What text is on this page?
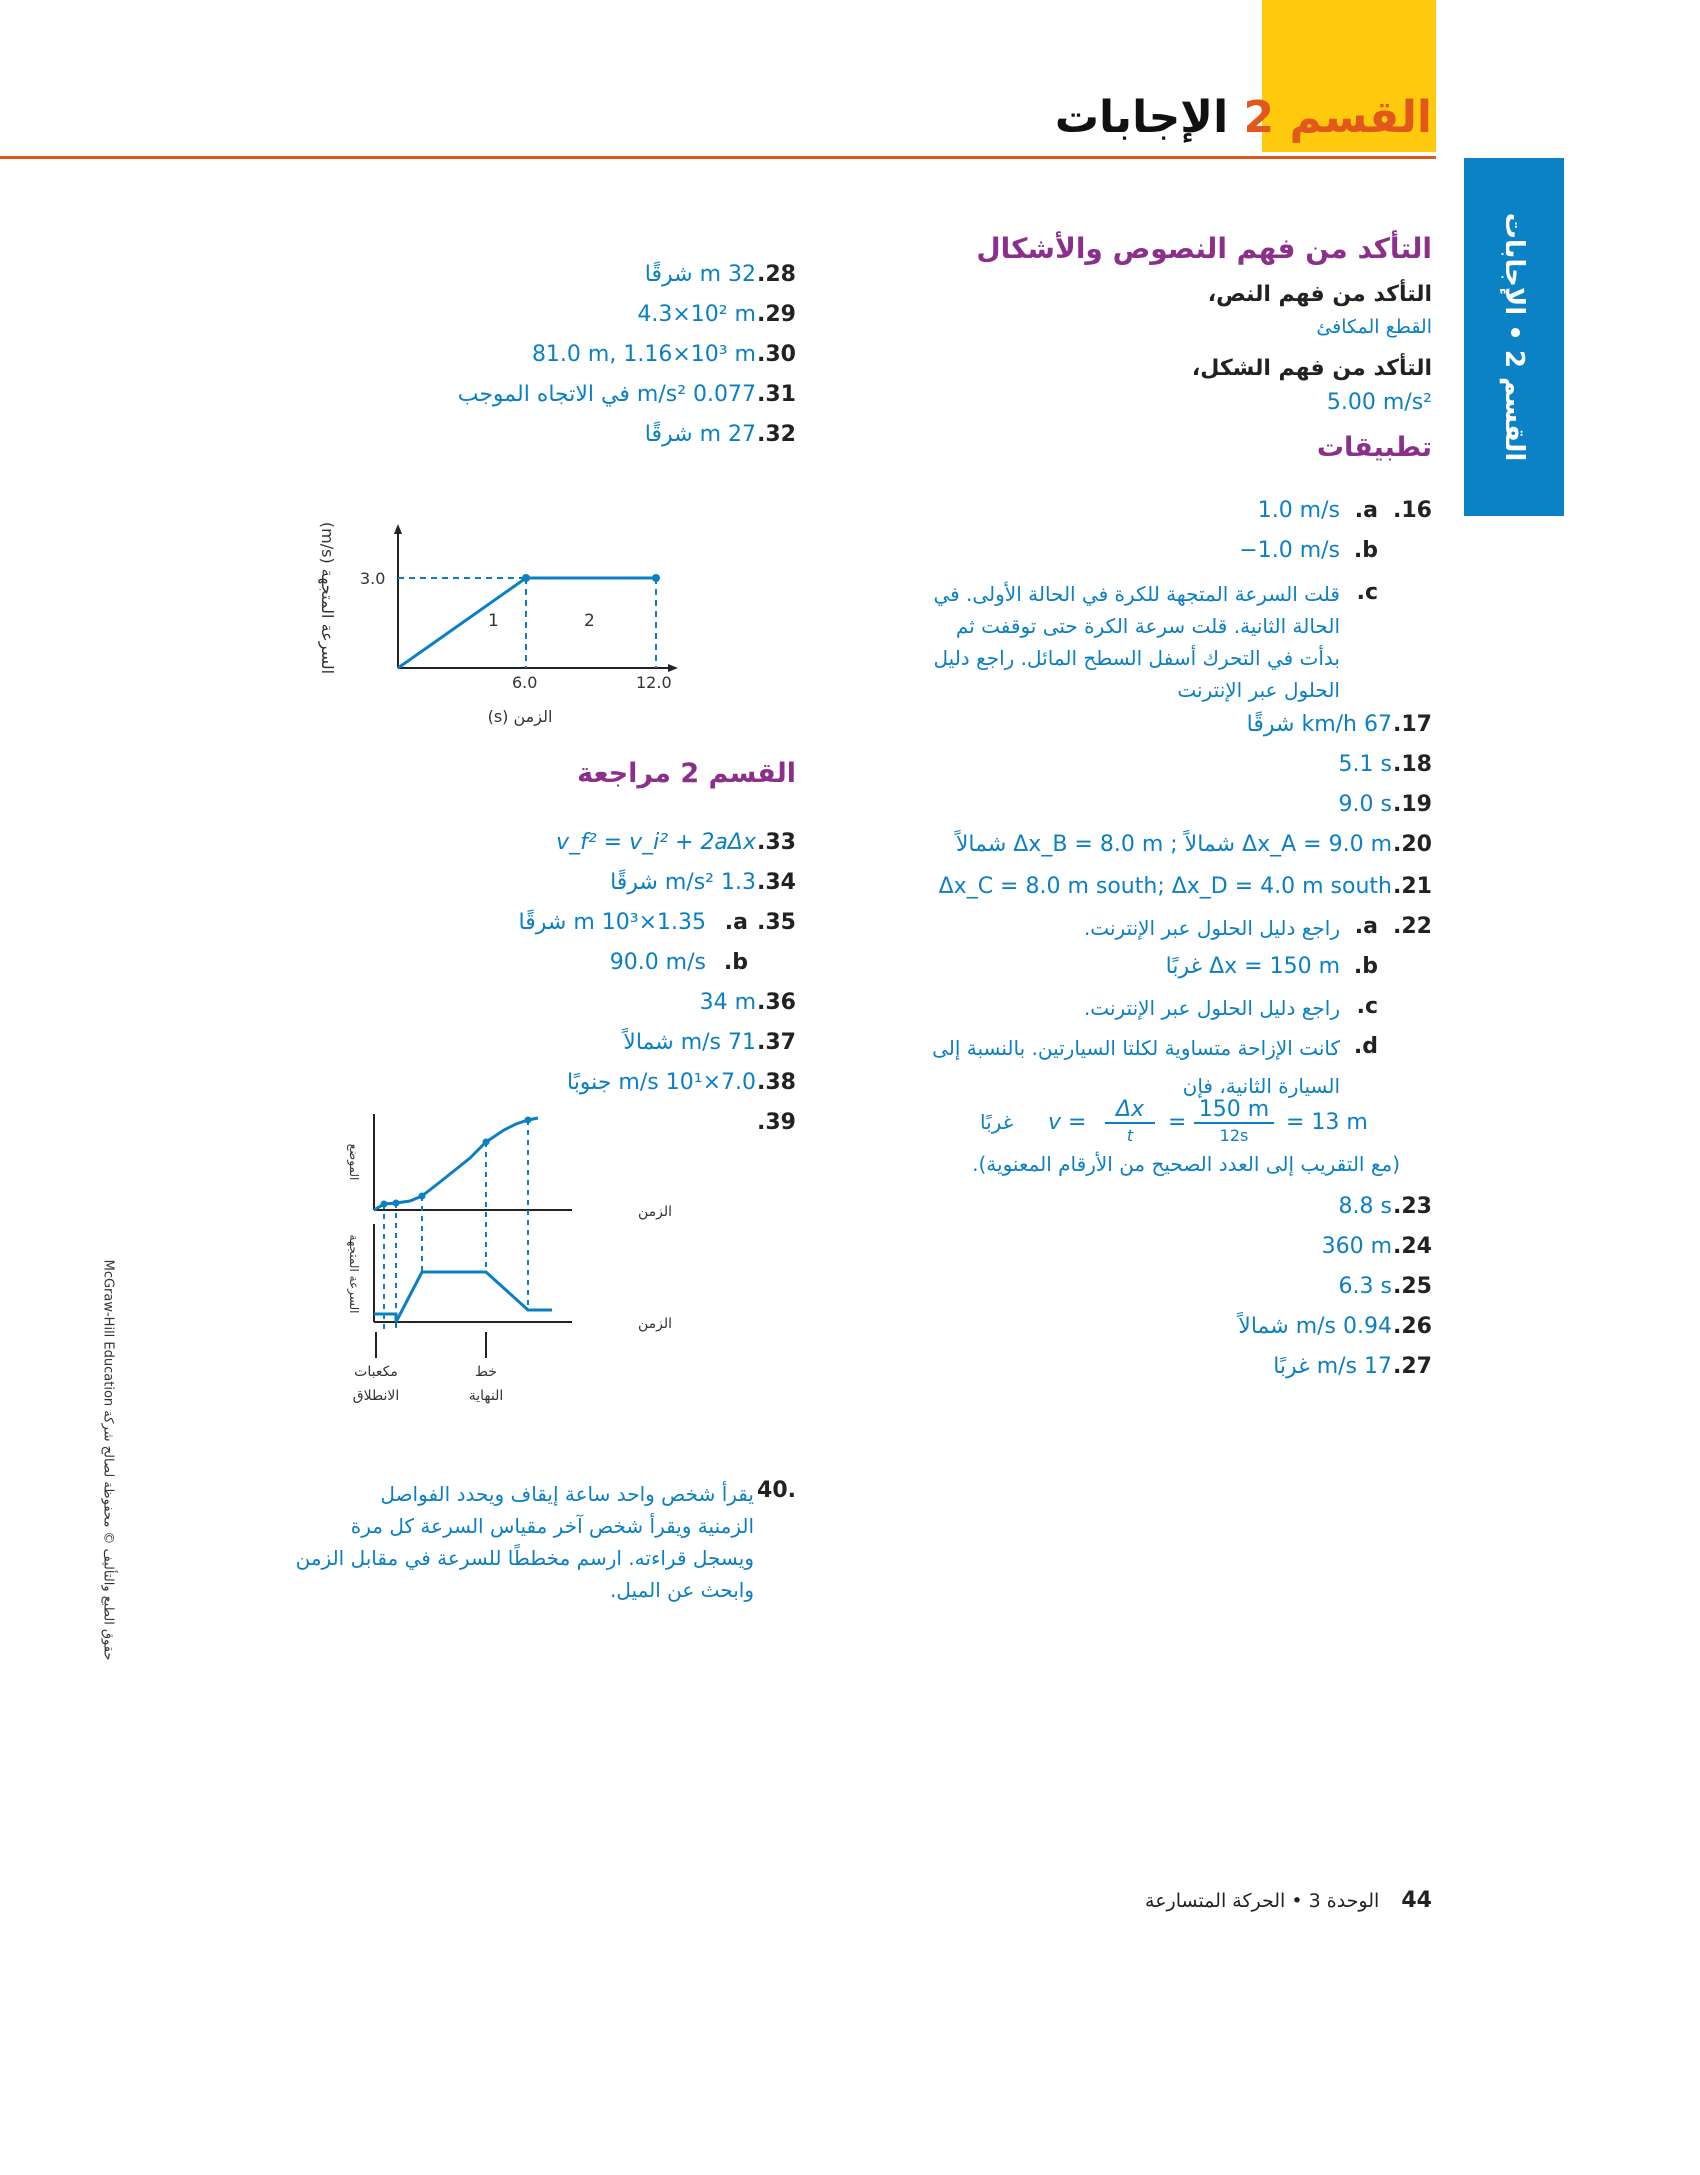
القسم 2 الإجابات
القسم 2 • الإجابات
McGraw-Hill Education حقوق الطبع والتأليف © محفوظة لصالح شركة
التأكد من فهم النصوص والأشكال
التأكد من فهم النص،
القطع المكافئ
التأكد من فهم الشكل،
5.00 m/s²
تطبيقات
.16
.a
1.0 m/s
.b
−1.0 m/s
.c
قلت السرعة المتجهة للكرة في الحالة الأولى. في
الحالة الثانية. قلت سرعة الكرة حتى توقفت ثم
بدأت في التحرك أسفل السطح المائل. راجع دليل
الحلول عبر الإنترنت
.17
67 km/h شرقًا
.18
5.1 s
.19
9.0 s
.20
Δx_A = 9.0 m شمالاً ; Δx_B = 8.0 m شمالاً
.21
Δx_C = 8.0 m south; Δx_D = 4.0 m south
.22
.a
راجع دليل الحلول عبر الإنترنت.
.b
Δx = 150 m غربًا
.c
راجع دليل الحلول عبر الإنترنت.
.d
كانت الإزاحة متساوية لكلتا السيارتين. بالنسبة إلى
السيارة الثانية، فإن
غربًا v =
Δx
t
=
150 m
12s
= 13 m
(مع التقريب إلى العدد الصحيح من الأرقام المعنوية).
.23
8.8 s
.24
360 m
.25
6.3 s
.26
0.94 m/s شمالاً
.27
17 m/s غربًا
.28
32 m شرقًا
.29
4.3×10² m
.30
81.0 m, 1.16×10³ m
.31
0.077 m/s² في الاتجاه الموجب
.32
27 m شرقًا
3.0
6.0	12.0
1	2
السرعة المتجهة (m/s)
الزمن (s)
القسم 2 مراجعة
.33
v_f² = v_i² + 2aΔx
.34
1.3 m/s² شرقًا
.35
.a
1.35×10³ m شرقًا
.b
90.0 m/s
.36
34 m
.37
71 m/s شمالاً
.38
7.0×10¹ m/s جنوبًا
.39
الموضع
السرعة المتجهة
الزمن
الزمن
مكعبات
الانطلاق
خط
النهاية
40.
يقرأ شخص واحد ساعة إيقاف ويحدد الفواصل
الزمنية ويقرأ شخص آخر مقياس السرعة كل مرة
ويسجل قراءته. ارسم مخططًا للسرعة في مقابل الزمن
وابحث عن الميل.
44 الوحدة 3 • الحركة المتسارعة
